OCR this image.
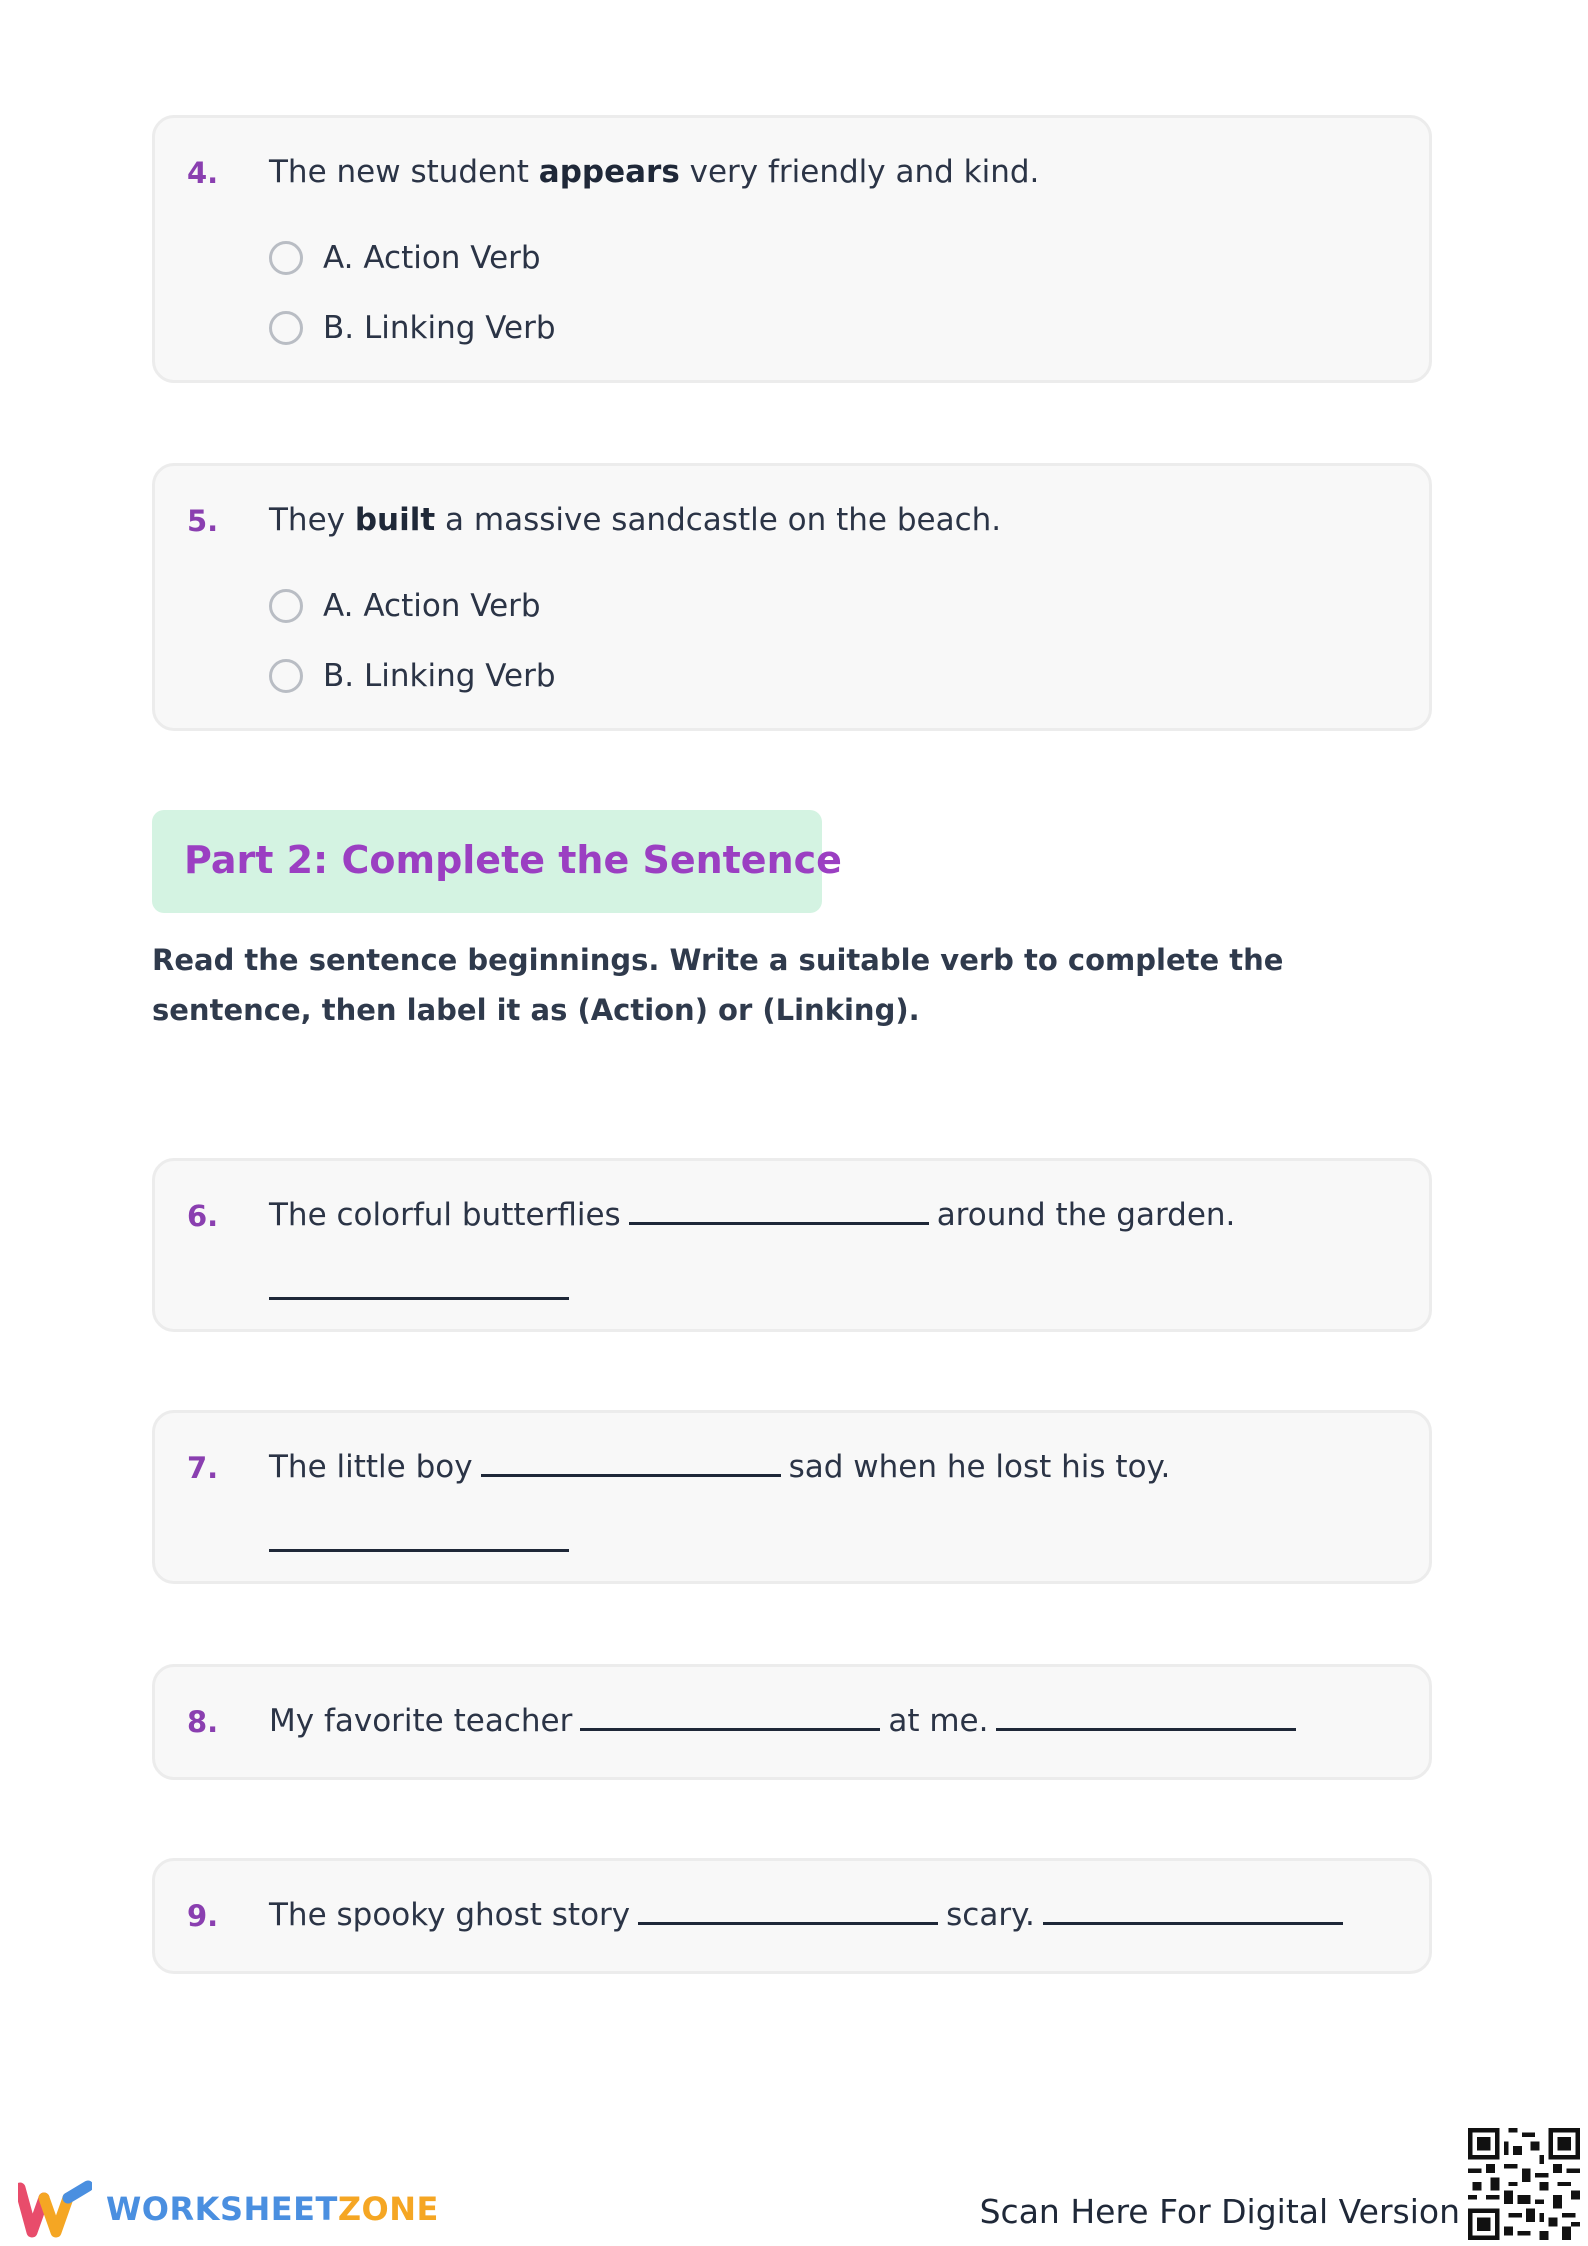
4. The new student appears very friendly and kind.
A. Action Verb
B. Linking Verb
5. They built a massive sandcastle on the beach.
A. Action Verb
B. Linking Verb
Part 2: Complete the Sentence
Read the sentence beginnings. Write a suitable verb to complete the sentence, then label it as (Action) or (Linking).
6. The colorful butterflies	around the garden.
7. The little boy	sad when he lost his toy.
8. My favorite teacher	at me.
9. The spooky ghost story	scary.
WORKSHEETZONE	Scan Here For Digital Version
